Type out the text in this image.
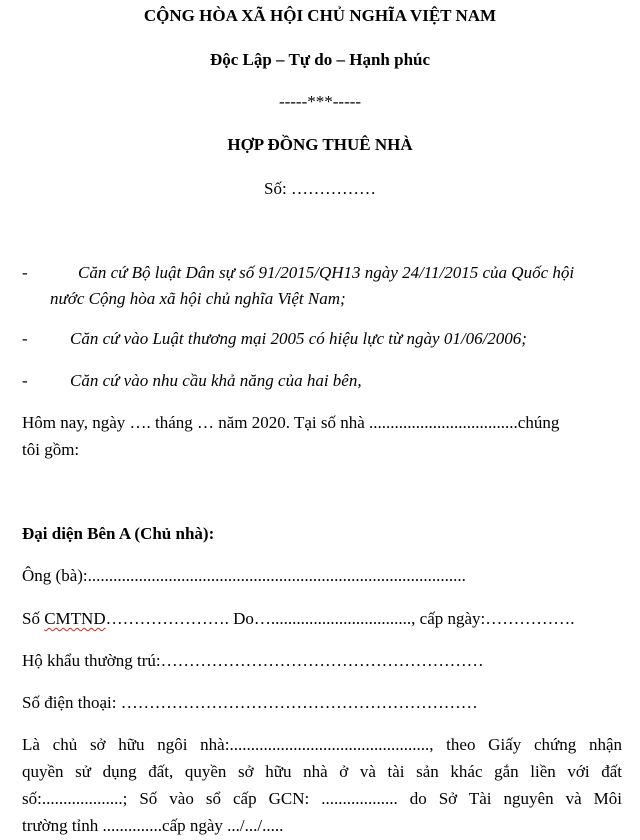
CỘNG HÒA XÃ HỘI CHỦ NGHĨA VIỆT NAM
Độc Lập – Tự do – Hạnh phúc
-----***-----
HỢP ĐỒNG THUÊ NHÀ
Số: ……………
-	Căn cứ Bộ luật Dân sự số 91/2015/QH13 ngày 24/11/2015 của Quốc hội
nước Cộng hòa xã hội chủ nghĩa Việt Nam;
- Căn cứ vào Luật thương mại 2005 có hiệu lực từ ngày 01/06/2006;
- Căn cứ vào nhu cầu khả năng của hai bên,
Hôm nay, ngày …. tháng … năm 2020. Tại số nhà ...................................chúng
tôi gồm:
Đại diện Bên A (Chủ nhà):
Ông (bà):.........................................................................................
Số CMTND…………………. Do…................................., cấp ngày:…………….
Hộ khẩu thường trú:…………………………………………………
Số điện thoại: ………………………………………………………
Là chủ sở hữu ngôi nhà:..............................................., theo Giấy chứng nhận
quyền sử dụng đất, quyền sở hữu nhà ở và tài sản khác gắn liền với đất
số:...................; Số vào sổ cấp GCN: .................. do Sở Tài nguyên và Môi
trường tỉnh ..............cấp ngày .../.../.....
